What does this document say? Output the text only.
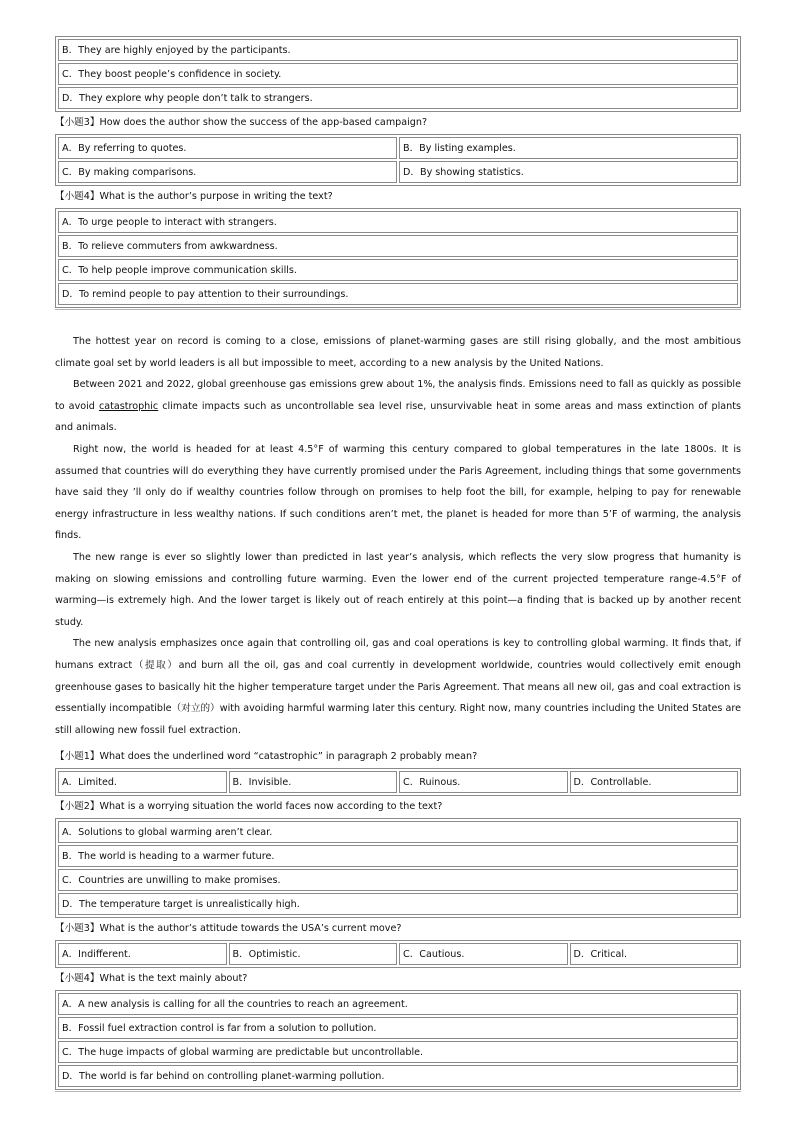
B．They are highly enjoyed by the participants.
C．They boost people’s confidence in society.
D．They explore why people don’t talk to strangers.
【小题3】How does the author show the success of the app-based campaign?
A．By referring to quotes.	B．By listing examples.
C．By making comparisons.	D．By showing statistics.
【小题4】What is the author’s purpose in writing the text?
A．To urge people to interact with strangers.
B．To relieve commuters from awkwardness.
C．To help people improve communication skills.
D．To remind people to pay attention to their surroundings.

The hottest year on record is coming to a close, emissions of planet-warming gases are still rising globally, and the most ambitious climate goal set by world leaders is all but impossible to meet, according to a new analysis by the United Nations.

Between 2021 and 2022, global greenhouse gas emissions grew about 1%, the analysis finds. Emissions need to fall as quickly as possible to avoid catastrophic climate impacts such as uncontrollable sea level rise, unsurvivable heat in some areas and mass extinction of plants and animals.

Right now, the world is headed for at least 4.5°F of warming this century compared to global temperatures in the late 1800s. It is assumed that countries will do everything they have currently promised under the Paris Agreement, including things that some governments have said they ’ll only do if wealthy countries follow through on promises to help foot the bill, for example, helping to pay for renewable energy infrastructure in less wealthy nations. If such conditions aren’t met, the planet is headed for more than 5’F of warming, the analysis finds.

The new range is ever so slightly lower than predicted in last year’s analysis, which reflects the very slow progress that humanity is making on slowing emissions and controlling future warming. Even the lower end of the current projected temperature range-4.5°F of warming—is extremely high. And the lower target is likely out of reach entirely at this point—a finding that is backed up by another recent study.

The new analysis emphasizes once again that controlling oil, gas and coal operations is key to controlling global warming. It finds that, if humans extract（提取）and burn all the oil, gas and coal currently in development worldwide, countries would collectively emit enough greenhouse gases to basically hit the higher temperature target under the Paris Agreement. That means all new oil, gas and coal extraction is essentially incompatible（对立的）with avoiding harmful warming later this century. Right now, many countries including the United States are still allowing new fossil fuel extraction.

【小题1】What does the underlined word “catastrophic” in paragraph 2 probably mean?
A．Limited.	B．Invisible.	C．Ruinous.	D．Controllable.
【小题2】What is a worrying situation the world faces now according to the text?
A．Solutions to global warming aren’t clear.
B．The world is heading to a warmer future.
C．Countries are unwilling to make promises.
D．The temperature target is unrealistically high.
【小题3】What is the author’s attitude towards the USA’s current move?
A．Indifferent.	B．Optimistic.	C．Cautious.	D．Critical.
【小题4】What is the text mainly about?
A．A new analysis is calling for all the countries to reach an agreement.
B．Fossil fuel extraction control is far from a solution to pollution.
C．The huge impacts of global warming are predictable but uncontrollable.
D．The world is far behind on controlling planet-warming pollution.
